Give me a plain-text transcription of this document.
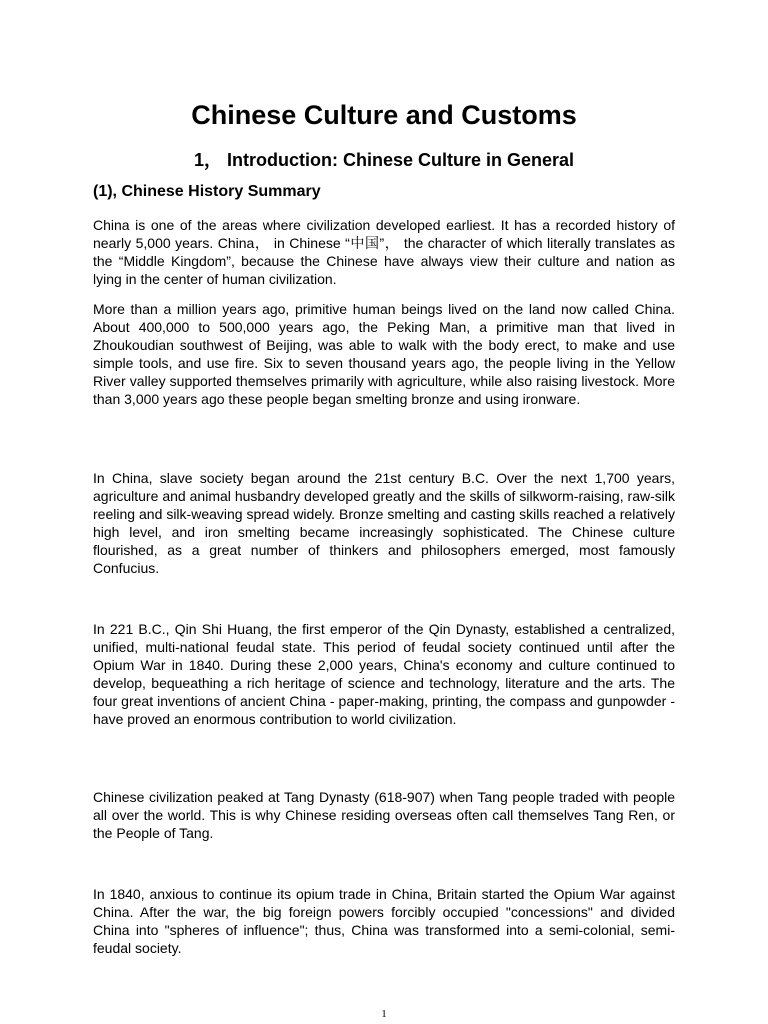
Chinese Culture and Customs
1， Introduction: Chinese Culture in General
(1), Chinese History Summary

China is one of the areas where civilization developed earliest. It has a recorded history of nearly 5,000 years. China， in Chinese “中国”， the character of which literally translates as the “Middle Kingdom”, because the Chinese have always view their culture and nation as lying in the center of human civilization.

More than a million years ago, primitive human beings lived on the land now called China. About 400,000 to 500,000 years ago, the Peking Man, a primitive man that lived in Zhoukoudian southwest of Beijing, was able to walk with the body erect, to make and use simple tools, and use fire. Six to seven thousand years ago, the people living in the Yellow River valley supported themselves primarily with agriculture, while also raising livestock. More than 3,000 years ago these people began smelting bronze and using ironware.

In China, slave society began around the 21st century B.C. Over the next 1,700 years, agriculture and animal husbandry developed greatly and the skills of silkworm-raising, raw-silk reeling and silk-weaving spread widely. Bronze smelting and casting skills reached a relatively high level, and iron smelting became increasingly sophisticated. The Chinese culture flourished, as a great number of thinkers and philosophers emerged, most famously Confucius.

In 221 B.C., Qin Shi Huang, the first emperor of the Qin Dynasty, established a centralized, unified, multi-national feudal state. This period of feudal society continued until after the Opium War in 1840. During these 2,000 years, China's economy and culture continued to develop, bequeathing a rich heritage of science and technology, literature and the arts. The four great inventions of ancient China - paper-making, printing, the compass and gunpowder - have proved an enormous contribution to world civilization.

Chinese civilization peaked at Tang Dynasty (618-907) when Tang people traded with people all over the world. This is why Chinese residing overseas often call themselves Tang Ren, or the People of Tang.

In 1840, anxious to continue its opium trade in China, Britain started the Opium War against China. After the war, the big foreign powers forcibly occupied "concessions" and divided China into "spheres of influence"; thus, China was transformed into a semi-colonial, semi-feudal society.

1
